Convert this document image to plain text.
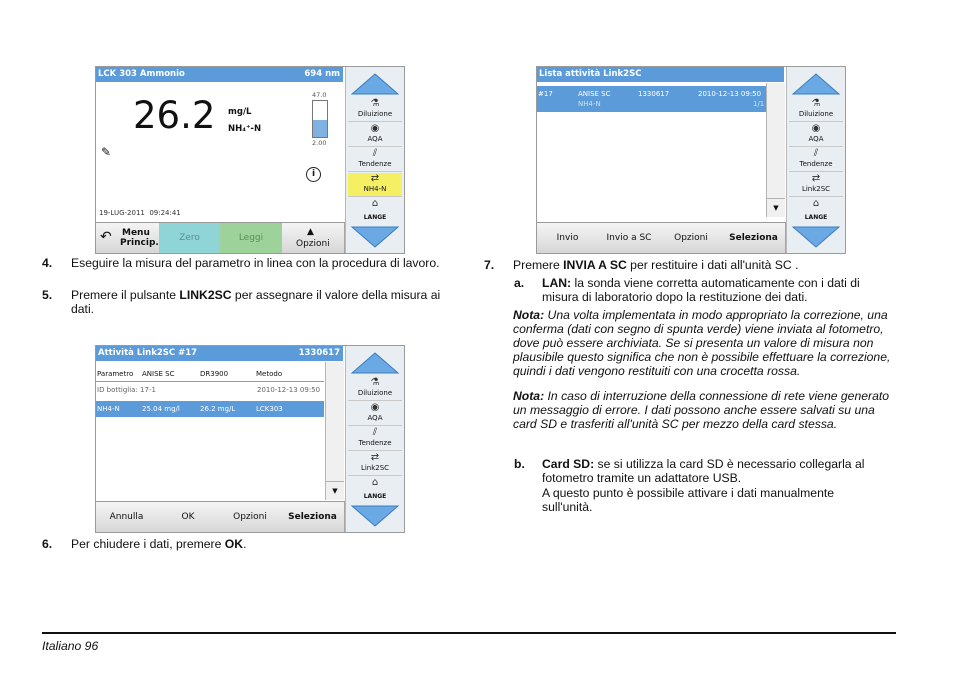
LCK 303 Ammonio	694 nm
26.2 mg/L
NH₄⁺-N
47.0
2.00
✎
i
19-LUG-2011  09:24:41
↶ Menu
Princip.	Zero	Leggi
▲
Opzioni
⚗
Diluizione
◉
AQA
⫽
Tendenze
⇄
NH4-N
⌂
LANGE
Attività Link2SC #17	1330617
Parametro ANISE SC	DR3900	Metodo
ID bottiglia: 17-1	2010-12-13 09:50
NH4-N	25.04 mg/l	26.2 mg/L	LCK303
▼
Annulla	OK	Opzioni	Seleziona
⚗
Diluizione
◉
AQA
⫽
Tendenze
⇄
Link2SC
⌂
LANGE
Lista attività Link2SC
#17	ANISE SC	1330617	2010-12-13 09:50
NH4-N	1/1
▼
Invio	Invio a SC	Opzioni	Seleziona
⚗
Diluizione
◉
AQA
⫽
Tendenze
⇄
Link2SC
⌂
LANGE
4. Eseguire la misura del parametro in linea con la procedura di lavoro.
5. Premere il pulsante LINK2SC per assegnare il valore della misura ai dati.
6. Per chiudere i dati, premere OK.
7. Premere INVIA A SC per restituire i dati all'unità SC .
a. LAN: la sonda viene corretta automaticamente con i dati di misura di laboratorio dopo la restituzione dei dati.
Nota: Una volta implementata in modo appropriato la correzione, una conferma (dati con segno di spunta verde) viene inviata al fotometro, dove può essere archiviata. Se si presenta un valore di misura non plausibile questo significa che non è possibile effettuare la correzione, quindi i dati vengono restituiti con una crocetta rossa.
Nota: In caso di interruzione della connessione di rete viene generato un messaggio di errore. I dati possono anche essere salvati su una card SD e trasferiti all'unità SC per mezzo della card stessa.
b. Card SD: se si utilizza la card SD è necessario collegarla al fotometro tramite un adattatore USB.
A questo punto è possibile attivare i dati manualmente sull'unità.
Italiano 96
